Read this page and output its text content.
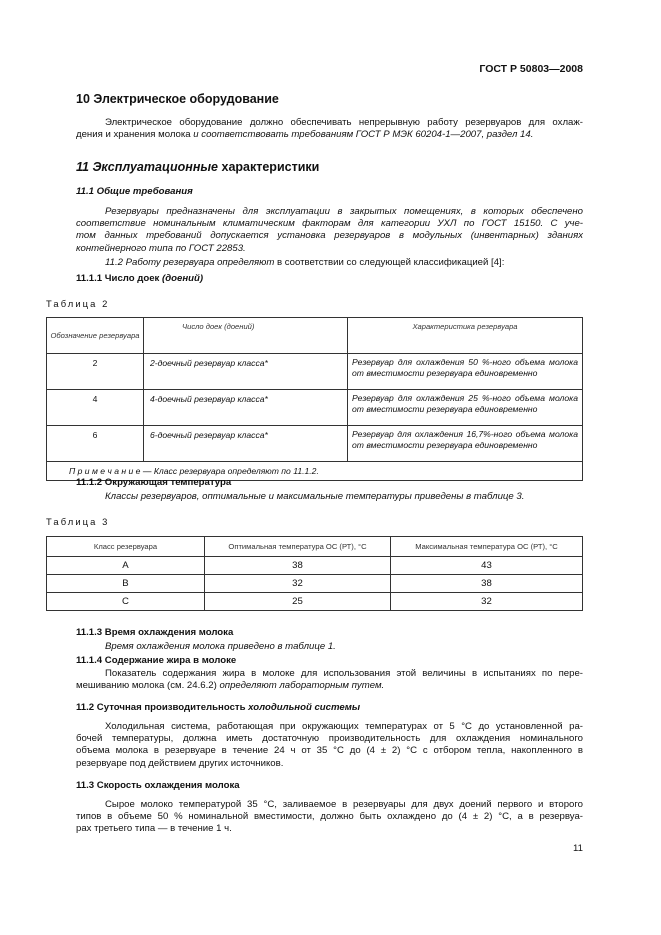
ГОСТ Р 50803—2008
10 Электрическое оборудование
Электрическое оборудование должно обеспечивать непрерывную работу резервуаров для охлаж-
дения и хранения молока и соответствовать требованиям ГОСТ Р МЭК 60204-1—2007, раздел 14.
11 Эксплуатационные характеристики
11.1 Общие требования
Резервуары предназначены для эксплуатации в закрытых помещениях, в которых обеспечено
соответствие номинальным климатическим факторам для категории УХЛ по ГОСТ 15150. С уче-
том данных требований допускается установка резервуаров в модульных (инвентарных) зданиях
контейнерного типа по ГОСТ 22853.
11.2 Работу резервуара определяют в соответствии со следующей классификацией [4]:
11.1.1 Число доек (доений)
Таблица 2
Обозначение резервуара	Число доек (доений)	Характеристика резервуара
2	2-доечный резервуар класса*	Резервуар для охлаждения 50 %-ного объема молока от вместимости резервуара единовременно
4	4-доечный резервуар класса*	Резервуар для охлаждения 25 %-ного объема молока от вместимости резервуара единовременно
6	6-доечный резервуар класса*	Резервуар для охлаждения 16,7%-ного объема молока от вместимости резервуара единовременно
П р и м е ч а н и е — Класс резервуара определяют по 11.1.2.		
11.1.2 Окружающая температура
Классы резервуаров, оптимальные и максимальные температуры приведены в таблице 3.
Таблица 3
Класс резервуара	Оптимальная температура ОС (РТ), °С	Максимальная температура ОС (РТ), °С
A	38	43
B	32	38
C	25	32
11.1.3 Время охлаждения молока
Время охлаждения молока приведено в таблице 1.
11.1.4 Содержание жира в молоке
Показатель содержания жира в молоке для использования этой величины в испытаниях по пере-
мешиванию молока (см. 24.6.2) определяют лабораторным путем.
11.2 Суточная производительность холодильной системы
Холодильная система, работающая при окружающих температурах от 5 °С до установленной ра-
бочей температуры, должна иметь достаточную производительность для охлаждения номинального
объема молока в резервуаре в течение 24 ч от 35 °С до (4 ± 2) °С с отбором тепла, накопленного в
резервуаре под действием других источников.
11.3 Скорость охлаждения молока
Сырое молоко температурой 35 °С, заливаемое в резервуары для двух доений первого и второго
типов в объеме 50 % номинальной вместимости, должно быть охлаждено до (4 ± 2) °С, а в резервуа-
рах третьего типа — в течение 1 ч.
11
